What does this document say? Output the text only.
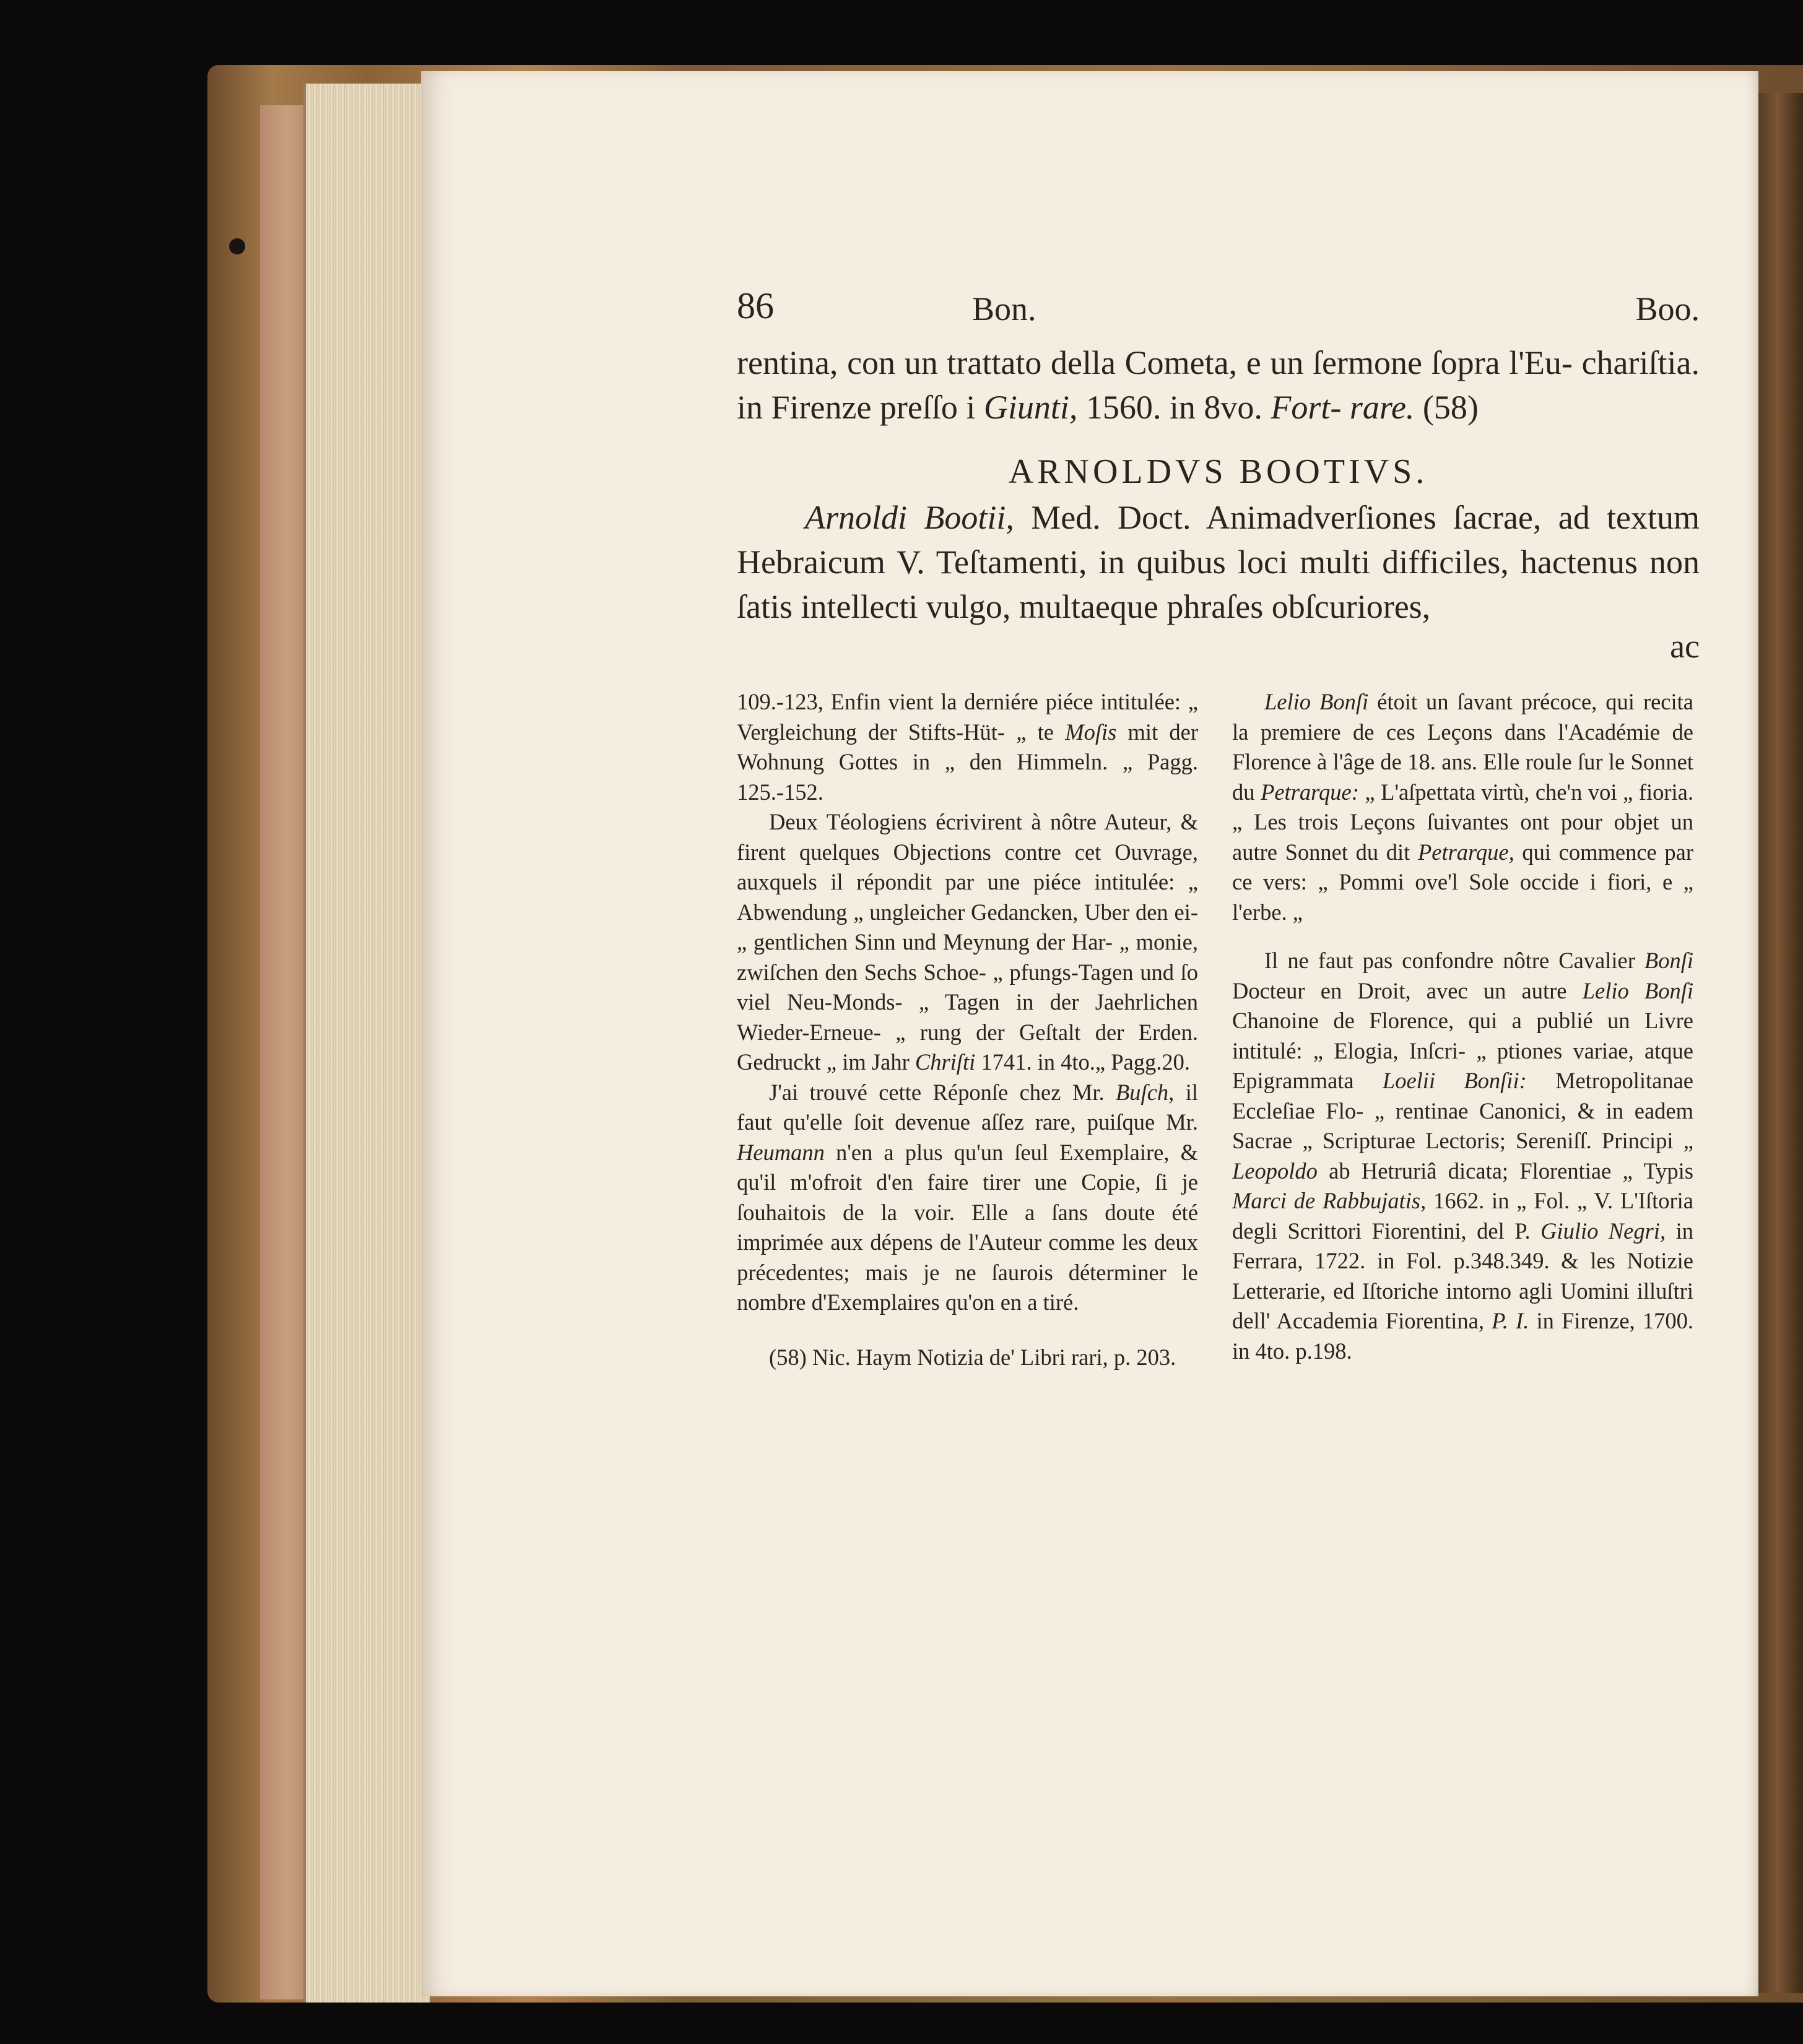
86	Bon.	Boo.
rentina, con un trattato della Cometa, e un ſermone ſopra l'Eu- chariſtia. in Firenze preſſo i Giunti, 1560. in 8vo. Fort- rare. (58)
ARNOLDVS BOOTIVS.
Arnoldi Bootii, Med. Doct. Animadverſiones ſacrae, ad textum Hebraicum V. Teſtamenti, in quibus loci multi difficiles, hactenus non ſatis intellecti vulgo, multaeque phraſes obſcuriores,
ac

109.-123, Enfin vient la derniére piéce intitulée: „ Vergleichung der Stifts-Hüt- „ te Moſis mit der Wohnung Gottes in „ den Himmeln. „ Pagg. 125.-152.

Deux Téologiens écrivirent à nôtre Auteur, & firent quelques Objections contre cet Ouvrage, auxquels il répondit par une piéce intitulée: „ Abwendung „ ungleicher Gedancken, Uber den ei- „ gentlichen Sinn und Meynung der Har- „ monie, zwiſchen den Sechs Schoe- „ pfungs-Tagen und ſo viel Neu-Monds- „ Tagen in der Jaehrlichen Wieder-Erneue- „ rung der Geſtalt der Erden. Gedruckt „ im Jahr Chriſti 1741. in 4to.„ Pagg.20.

J'ai trouvé cette Réponſe chez Mr. Buſch, il faut qu'elle ſoit devenue aſſez rare, puiſque Mr. Heumann n'en a plus qu'un ſeul Exemplaire, & qu'il m'ofroit d'en faire tirer une Copie, ſi je ſouhaitois de la voir. Elle a ſans doute été imprimée aux dépens de l'Auteur comme les deux précedentes; mais je ne ſaurois déterminer le nombre d'Exemplaires qu'on en a tiré.

(58) Nic. Haym Notizia de' Libri rari, p. 203.

Lelio Bonſi étoit un ſavant précoce, qui recita la premiere de ces Leçons dans l'Académie de Florence à l'âge de 18. ans. Elle roule ſur le Sonnet du Petrarque: „ L'aſpettata virtù, che'n voi „ fioria. „ Les trois Leçons ſuivantes ont pour objet un autre Sonnet du dit Petrarque, qui commence par ce vers: „ Pommi ove'l Sole occide i fiori, e „ l'erbe. „

Il ne faut pas confondre nôtre Cavalier Bonſi Docteur en Droit, avec un autre Lelio Bonſi Chanoine de Florence, qui a publié un Livre intitulé: „ Elogia, Inſcri- „ ptiones variae, atque Epigrammata Loelii Bonſii: Metropolitanae Eccleſiae Flo- „ rentinae Canonici, & in eadem Sacrae „ Scripturae Lectoris; Sereniſſ. Principi „ Leopoldo ab Hetruriâ dicata; Florentiae „ Typis Marci de Rabbujatis, 1662. in „ Fol. „ V. L'Iſtoria degli Scrittori Fiorentini, del P. Giulio Negri, in Ferrara, 1722. in Fol. p.348.349. & les Notizie Letterarie, ed Iſtoriche intorno agli Uomini illuſtri dell' Accademia Fiorentina, P. I. in Firenze, 1700. in 4to. p.198.
